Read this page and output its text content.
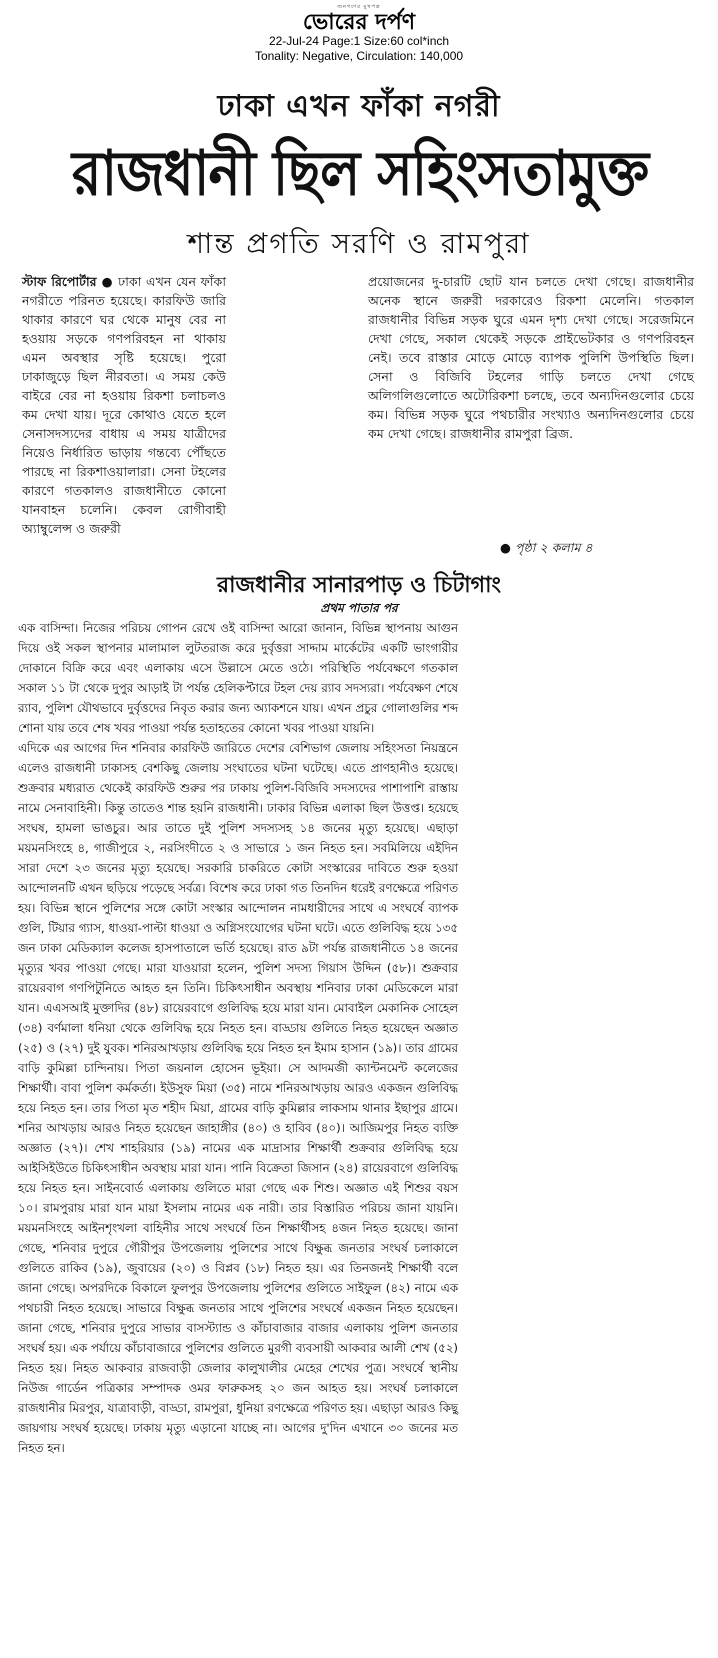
জনগণের মুখপত্র
ভোরের দর্পণ
22-Jul-24 Page:1 Size:60 col*inch
Tonality: Negative, Circulation: 140,000
ঢাকা এখন ফাঁকা নগরী
রাজধানী ছিল সহিংসতামুক্ত
শান্ত প্রগতি সরণি ও রামপুরা
স্টাফ রিপোর্টার ● ঢাকা এখন যেন ফাঁকা নগরীতে পরিনত হয়েছে। কারফিউ জারি থাকার কারণে ঘর থেকে মানুষ বের না হওয়ায় সড়কে গণপরিবহন না থাকায় এমন অবস্থার সৃষ্টি হয়েছে। পুরো ঢাকাজুড়ে ছিল নীরবতা। এ সময় কেউ বাইরে বের না হওয়ায় রিকশা চলাচলও কম দেখা যায়। দূরে কোথাও যেতে হলে সেনাসদস্যদের বাধায় এ সময় যাত্রীদের নিয়েও নির্ধারিত ভাড়ায় গন্তব্যে পৌঁছতে পারছে না রিকশাওয়ালারা। সেনা টহলের কারণে গতকালও রাজধানীতে কোনো যানবাহন চলেনি। কেবল রোগীবাহী অ্যাম্বুলেন্স ও জরুরী
প্রয়োজনের দু-চারটি ছোট যান চলতে দেখা গেছে। রাজধানীর অনেক স্থানে জরুরী দরকারেও রিকশা মেলেনি। গতকাল রাজধানীর বিভিন্ন সড়ক ঘুরে এমন দৃশ্য দেখা গেছে। সরেজমিনে দেখা গেছে, সকাল থেকেই সড়কে প্রাইভেটকার ও গণপরিবহন নেই। তবে রাস্তার মোড়ে মোড়ে ব্যাপক পুলিশি উপস্থিতি ছিল। সেনা ও বিজিবি টহলের গাড়ি চলতে দেখা গেছে অলিগলিগুলোতে অটোরিকশা চলছে, তবে অন্যদিনগুলোর চেয়ে কম। বিভিন্ন সড়ক ঘুরে পথচারীর সংখ্যাও অন্যদিনগুলোর চেয়ে কম দেখা গেছে। রাজধানীর রামপুরা ব্রিজ.
● পৃষ্ঠা ২ কলাম ৪
রাজধানীর সানারপাড় ও চিটাগাং
প্রথম পাতার পর

এক বাসিন্দা। নিজের পরিচয় গোপন রেখে ওই বাসিন্দা আরো জানান, বিভিন্ন স্থাপনায় আগুন দিয়ে ওই সকল স্থাপনার মালামাল লুটতরাজ করে দুর্বৃত্তরা সাদ্দাম মার্কেটের একটি ভাংগারীর দোকানে বিক্রি করে এবং এলাকায় এসে উল্লাসে মেতে ওঠে। পরিস্থিতি পর্যবেক্ষণে গতকাল সকাল ১১ টা থেকে দুপুর আড়াই টা পর্যন্ত হেলিকপ্টারে টহল দেয় র‍্যাব সদস্যরা। পর্যবেক্ষণ শেষে র‍্যাব, পুলিশ যৌথভাবে দুর্বৃত্তদের নিবৃত করার জন্য অ্যাকশনে যায়। এখন প্রচুর গোলাগুলির শব্দ শোনা যায় তবে শেষ খবর পাওয়া পর্যন্ত হতাহতের কোনো খবর পাওয়া যায়নি।

এদিকে এর আগের দিন শনিবার কারফিউ জারিতে দেশের বেশিভাগ জেলায় সহিংসতা নিয়ন্ত্রনে এলেও রাজধানী ঢাকাসহ বেশকিছু জেলায় সংঘাতের ঘটনা ঘটেছে। এতে প্রাণহানীও হয়েছে। শুক্রবার মধ্যরাত থেকেই কারফিউ শুরুর পর ঢাকায় পুলিশ-বিজিবি সদস্যদের পাশাপাশি রাস্তায় নামে সেনাবাহিনী। কিন্তু তাতেও শান্ত হয়নি রাজধানী। ঢাকার বিভিন্ন এলাকা ছিল উত্তপ্ত। হয়েছে সংঘষ, হামলা ভাঙচুর। আর তাতে দুই পুলিশ সদস্যসহ ১৪ জনের মৃত্যু হয়েছে। এছাড়া ময়মনসিংহে ৪, গাজীপুরে ২, নরসিংদীতে ২ ও সাভারে ১ জন নিহত হন। সবমিলিয়ে এইদিন সারা দেশে ২৩ জনের মৃত্যু হয়েছে। সরকারি চাকরিতে কোটা সংস্কারের দাবিতে শুরু হওয়া আন্দোলনটি এখন ছড়িয়ে পড়েছে সর্বত্র। বিশেষ করে ঢাকা গত তিনদিন ধরেই রণক্ষেত্রে পরিণত হয়। বিভিন্ন স্থানে পুলিশের সঙ্গে কোটা সংস্কার আন্দোলন নামধারীদের সাথে এ সংঘর্ষে ব্যাপক গুলি, টিয়ার গ্যাস, ধাওয়া-পাল্টা ধাওয়া ও অগ্নিসংযোগের ঘটনা ঘটে। এতে গুলিবিদ্ধ হয়ে ১৩৫ জন ঢাকা মেডিক্যাল কলেজ হাসপাতালে ভর্তি হয়েছে। রাত ৯টা পর্যন্ত রাজধানীতে ১৪ জনের মৃত্যুর খবর পাওয়া গেছে। মারা যাওয়ারা হলেন, পুলিশ সদস্য গিয়াস উদ্দিন (৫৮)। শুক্রবার রায়েরবাগ গণপিটুনিতে আহত হন তিনি। চিকিৎসাধীন অবস্থায় শনিবার ঢাকা মেডিকেলে মারা যান। এএসআই মুক্তাদির (৪৮) রায়েরবাগে গুলিবিদ্ধ হয়ে মারা যান। মোবাইল মেকানিক সোহেল (৩৪) বর্ণমালা ধনিয়া থেকে গুলিবিদ্ধ হয়ে নিহত হন। বাড্ডায় গুলিতে নিহত হয়েছেন অজ্ঞাত (২৫) ও (২৭) দুই যুবক। শনিরআখড়ায় গুলিবিদ্ধ হয়ে নিহত হন ইমাম হাসান (১৯)। তার গ্রামের বাড়ি কুমিল্লা চান্দিনায়। পিতা জয়নাল হোসেন ভূইয়া। সে আদমজী ক্যান্টনমেন্ট কলেজের শিক্ষার্থী। বাবা পুলিশ কর্মকর্তা। ইউসুফ মিয়া (৩৫) নামে শনিরআখড়ায় আরও একজন গুলিবিদ্ধ হয়ে নিহত হন। তার পিতা মৃত শহীদ মিয়া, গ্রামের বাড়ি কুমিল্লার লাকসাম থানার ইছাপুর গ্রামে। শনির আখড়ায় আরও নিহত হয়েছেন জাহাঙ্গীর (৪০) ও হাবিব (৪০)। আজিমপুর নিহত ব্যক্তি অজ্ঞাত (২৭)। শেখ শাহরিয়ার (১৯) নামের এক মাদ্রাসার শিক্ষার্থী শুক্রবার গুলিবিদ্ধ হয়ে আইসিইউতে চিকিৎসাধীন অবস্থায় মারা যান। পানি বিক্রেতা জিসান (২৪) রায়েরবাগে গুলিবিদ্ধ হয়ে নিহত হন। সাইনবোর্ড এলাকায় গুলিতে মারা গেছে এক শিশু। অজ্ঞাত এই শিশুর বয়স ১০। রামপুরায় মারা যান মায়া ইসলাম নামের এক নারী। তার বিস্তারিত পরিচয় জানা যায়নি। ময়মনসিংহে আইনশৃংখলা বাহিনীর সাথে সংঘর্ষে তিন শিক্ষার্থীসহ ৪জন নিহত হয়েছে। জানা গেছে, শনিবার দুপুরে গৌরীপুর উপজেলায় পুলিশের সাথে বিক্ষুব্ধ জনতার সংঘর্ষ চলাকালে গুলিতে রাকিব (১৯), জুবায়ের (২০) ও বিপ্লব (১৮) নিহত হয়। এর তিনজনই শিক্ষার্থী বলে জানা গেছে। অপরদিকে বিকালে ফুলপুর উপজেলায় পুলিশের গুলিতে সাইফুল (৪২) নামে এক পথচারী নিহত হয়েছে। সাভারে বিক্ষুব্ধ জনতার সাথে পুলিশের সংঘর্ষে একজন নিহত হয়েছেন। জানা গেছে, শনিবার দুপুরে সাভার বাসস্ট্যান্ড ও কাঁচাবাজার বাজার এলাকায় পুলিশ জনতার সংঘর্ষ হয়। এক পর্যায়ে কাঁচাবাজারে পুলিশের গুলিতে মুরগী ব্যবসায়ী আকবার আলী শেখ (৫২) নিহত হয়। নিহত আকবার রাজবাড়ী জেলার কালুখালীর মেহের শেখের পুত্র। সংঘর্ষে স্থানীয় নিউজ গার্ডেন পত্রিকার সম্পাদক ওমর ফারুকসহ ২০ জন আহত হয়। সংঘর্ষ চলাকালে রাজধানীর মিরপুর, যাত্রাবাড়ী, বাড্ডা, রামপুরা, ধুনিয়া রণক্ষেত্রে পরিণত হয়। এছাড়া আরও কিছু জায়গায় সংঘর্ষ হয়েছে। ঢাকায় মৃত্যু এড়ানো যাচ্ছে না। আগের দু'দিন এখানে ৩০ জনের মত নিহত হন।
